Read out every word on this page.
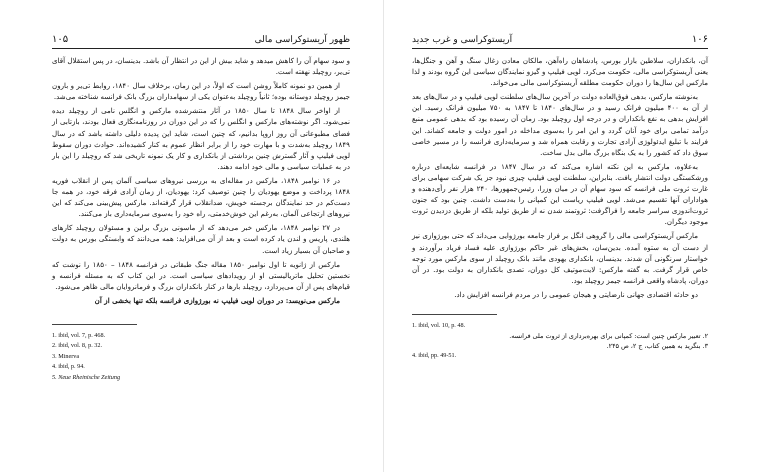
۱۰۵	ظهور آریستوکراسی مالی

و سود سهام آن را کاهش میدهد و شاید بیش از این در انتظار آن باشد. بدینسان، در پس استقلال آقای تی‌یر، روچیلد نهفته است.

از همین دو نمونه کاملاً روشن است که اولاً، در این زمان، برخلاف سال ۱۸۴۰، روابط تی‌یر و بارون جیمز روچیلد دوستانه بوده؛ ثانیاً روچیلد به‌عنوان یکی از سهامداران بزرگ بانک فرانسه شناخته می‌شد.

از اواخر سال ۱۸۴۸ تا سال ۱۸۵۰ در آثار منتشرشده مارکس و انگلس نامی از روچیلد دیده نمی‌شود. اگر نوشته‌های مارکس و انگلس را که در این دوران در روزنامه‌نگاری فعال بودند، بازتابی از فضای مطبوعاتی آن روز اروپا بدانیم، که چنین است، شاید این پدیده دلیلی داشته باشد که در سال ۱۸۴۹ روچیلد به‌شدت و با مهارت خود را از برابر انظار عموم به کنار کشیده‌اند. حوادث دوران سقوط لویی فیلیپ و آثار گسترش چنین برداشتی از بانکداری و کار یک نمونه تاریخی شد که روچیلد را این بار در به عملیات سیاسی و مالی خود ادامه دهند.

در ۱۶ نوامبر ۱۸۴۸، مارکس در مقاله‌ای به بررسی نیروهای سیاسی آلمان پس از انقلاب فوریه ۱۸۴۸ پرداخت و موضع یهودیان را چنین توصیف کرد: یهودیان، از زمان آزادی فرقه خود، در همه جا دست‌کم در حد نمایندگان برجسته خویش، ضد‌انقلاب قرار گرفته‌اند. مارکس پیش‌بینی می‌کند که این نیروهای ارتجاعی آلمان، به‌رغم این خوش‌خدمتی، راه خود را به‌سوی سرمایه‌داری باز می‌کنند.

در ۲۷ نوامبر ۱۸۴۸، مارکس خبر می‌دهد که از ماسونی بزرگ برلین و مسئولان روچیلد کارهای هلندی، پاریس و لندن یاد کرده است و بعد از آن می‌افزاید: همه می‌دانند که وابستگی بورس به دولت و صاحبان آن بسیار زیاد است.

مارکس از ژانویه تا اول نوامبر ۱۸۵۰ مقاله جنگ طبقاتی در فرانسه ۱۸۴۸ – ۱۸۵۰ را نوشت که نخستین تحلیل ماتریالیستی او از رویدادهای سیاسی است. در این کتاب که به مسئله فرانسه و قیام‌های پس از آن می‌پردازد، روچیلد بارها در کنار بانکداران بزرگ و فرمانروایان مالی ظاهر می‌شود.

مارکس می‌نویسد: در دوران لویی فیلیپ نه بورژوازی فرانسه بلکه تنها بخشی از آن

1. ibid, vol. 7, p. 468.
2. ibid, vol. 8, p. 32.
3. Minerva
4. ibid, p. 94.
5. Neue Rheinische Zeitung
آریستوکراسی و غرب جدید	۱۰۶

آن، بانکداران، سلاطین بازار بورس، پادشاهان راه‌آهن، مالکان معادن زغال سنگ و آهن و جنگل‌ها، یعنی آریستوکراسی مالی، حکومت می‌کرد. لویی فیلیپ و گیزو نمایندگان سیاسی این گروه بودند و لذا مارکس این سال‌ها را دوران حکومت مطلقه آریستوکراسی مالی می‌خواند.

به‌نوشته مارکس، بدهی فوق‌العاده دولت در آخرین سال‌های سلطنت لویی فیلیپ و در سال‌های بعد از آن به ۴۰۰ میلیون فرانک رسید و در سال‌های ۱۸۴۰ تا ۱۸۴۷ به ۷۵۰ میلیون فرانک رسید. این افزایش بدهی به نفع بانکداران و در درجه اول روچیلد بود. زمان آن رسیده بود که بدهی عمومی منبع درآمد تمامی برای خود آنان گردد و این امر را به‌سوی مداخله در امور دولت و جامعه کشاند. این فرایند با تبلیغ ایدئولوژی آزادی تجارت و رقابت همراه شد و سرمایه‌داری فرانسه را در مسیر خاصی سوق داد که کشور را به یک بنگاه بزرگ مالی بدل ساخت.

به‌علاوه، مارکس به این نکته اشاره می‌کند که در سال ۱۸۴۷ در فرانسه شایعه‌ای درباره ورشکستگی دولت انتشار یافت. بنابراین، سلطنت لویی فیلیپ چیزی نبود جز یک شرکت سهامی برای غارت ثروت ملی فرانسه که سود سهام آن در میان وزرا، رئیس‌جمهورها، ۲۴۰ هزار نفر رأی‌دهنده و هواداران آنها تقسیم می‌شد. لویی فیلیپ ریاست این کمپانی را به‌دست داشت. چنین بود که جنون ثروت‌اندوزی سراسر جامعه را فراگرفت: ثروتمند شدن نه از طریق تولید بلکه از طریق دزدیدن ثروت موجود دیگران.

مارکس آریستوکراسی مالی را گروهی انگل بر فراز جامعه بورژوایی می‌داند که حتی بورژوازی نیز از دست آن به ستوه آمده. بدین‌سان، بخش‌های غیر حاکم بورژوازی علیه فساد فریاد برآوردند و خواستار سرنگونی آن شدند. بدینسان، بانکداری یهودی مانند بانک روچیلد از سوی مارکس مورد توجه خاص قرار گرفت. به گفته مارکس: لایت‌موتیف کل دوران، تصدی بانکداران به دولت بود. در آن دوران، پادشاه واقعی فرانسه جیمز روچیلد بود.

دو حادثه اقتصادی جهانی نارضایتی و هیجان عمومی را در مردم فرانسه افزایش داد.

1. ibid, vol. 10, p. 48.
۲. تعبیر مارکس چنین است: کمپانی برای بهره‌برداری از ثروت ملی فرانسه.
۳. بنگرید به همین کتاب، ج ۲، ص ۲۴۵.
4. ibid, pp. 49-51.
